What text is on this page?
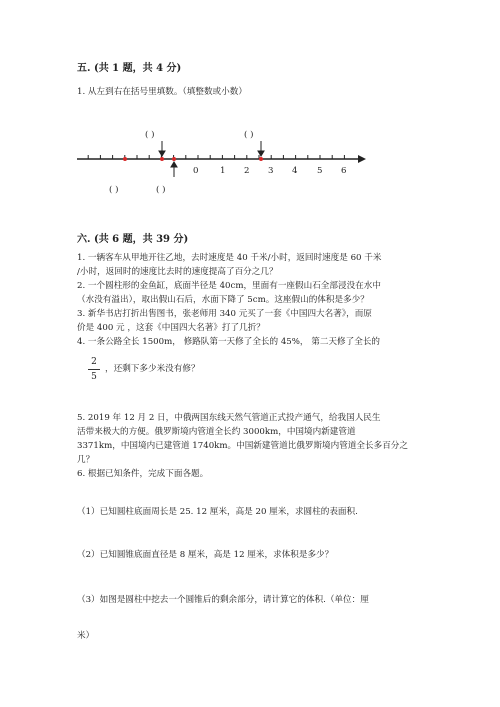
五. (共 1 题，共 4 分)
1. 从左到右在括号里填数。（填整数或小数）
0	1 2 3 4 5 6
( )	( )
( )	( )
六. (共 6 题，共 39 分)
1. 一辆客车从甲地开往乙地，去时速度是 40 千米/小时，返回时速度是 60 千米
/小时，返回时的速度比去时的速度提高了百分之几？
2. 一个圆柱形的金鱼缸，底面半径是 40cm，里面有一座假山石全部浸没在水中
（水没有溢出），取出假山石后，水面下降了 5cm。这座假山的体积是多少？
3. 新华书店打折出售图书，张老师用 340 元买了一套《中国四大名著》，而原
价是 400 元 ，这套《中国四大名著》打了几折？
4. 一条公路全长 1500m， 修路队第一天修了全长的 45%， 第二天修了全长的
2
5
，还剩下多少米没有修？
5. 2019 年 12 月 2 日，中俄两国东线天然气管道正式投产通气，给我国人民生
活带来极大的方便。俄罗斯境内管道全长约 3000km，中国境内新建管道
3371km，中国境内已建管道 1740km。中国新建管道比俄罗斯境内管道全长多百分之
几？
6. 根据已知条件，完成下面各题。
（1）已知圆柱底面周长是 25. 12 厘米，高是 20 厘米，求圆柱的表面积.
（2）已知圆锥底面直径是 8 厘米，高是 12 厘米，求体积是多少？
（3）如图是圆柱中挖去一个圆锥后的剩余部分，请计算它的体积.（单位：厘
米）
